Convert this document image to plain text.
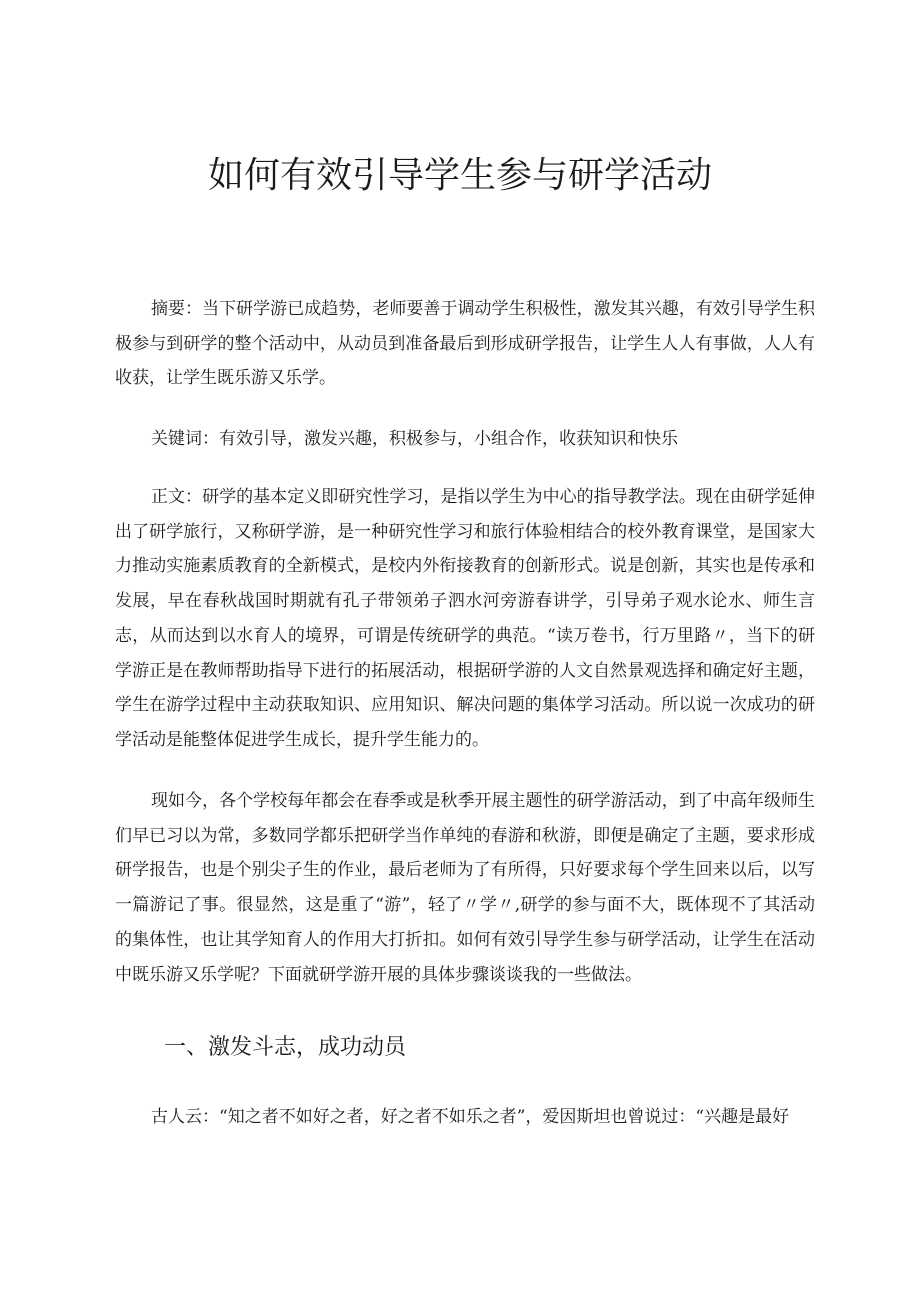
如何有效引导学生参与研学活动

摘要：当下研学游已成趋势，老师要善于调动学生积极性，激发其兴趣，有效引导学生积极参与到研学的整个活动中，从动员到准备最后到形成研学报告，让学生人人有事做，人人有收获，让学生既乐游又乐学。

关键词：有效引导，激发兴趣，积极参与，小组合作，收获知识和快乐

正文：研学的基本定义即研究性学习，是指以学生为中心的指导教学法。现在由研学延伸出了研学旅行，又称研学游，是一种研究性学习和旅行体验相结合的校外教育课堂，是国家大力推动实施素质教育的全新模式，是校内外衔接教育的创新形式。说是创新，其实也是传承和发展，早在春秋战国时期就有孔子带领弟子泗水河旁游春讲学，引导弟子观水论水、师生言志，从而达到以水育人的境界，可谓是传统研学的典范。“读万卷书，行万里路〃，当下的研学游正是在教师帮助指导下进行的拓展活动，根据研学游的人文自然景观选择和确定好主题，学生在游学过程中主动获取知识、应用知识、解决问题的集体学习活动。所以说一次成功的研学活动是能整体促进学生成长，提升学生能力的。

现如今，各个学校每年都会在春季或是秋季开展主题性的研学游活动，到了中高年级师生们早已习以为常，多数同学都乐把研学当作单纯的春游和秋游，即便是确定了主题，要求形成研学报告，也是个别尖子生的作业，最后老师为了有所得，只好要求每个学生回来以后，以写一篇游记了事。很显然，这是重了“游”，轻了〃学〃,研学的参与面不大，既体现不了其活动的集体性，也让其学知育人的作用大打折扣。如何有效引导学生参与研学活动，让学生在活动中既乐游又乐学呢？下面就研学游开展的具体步骤谈谈我的一些做法。

一、激发斗志，成功动员

古人云：“知之者不如好之者，好之者不如乐之者”，爱因斯坦也曾说过：“兴趣是最好
